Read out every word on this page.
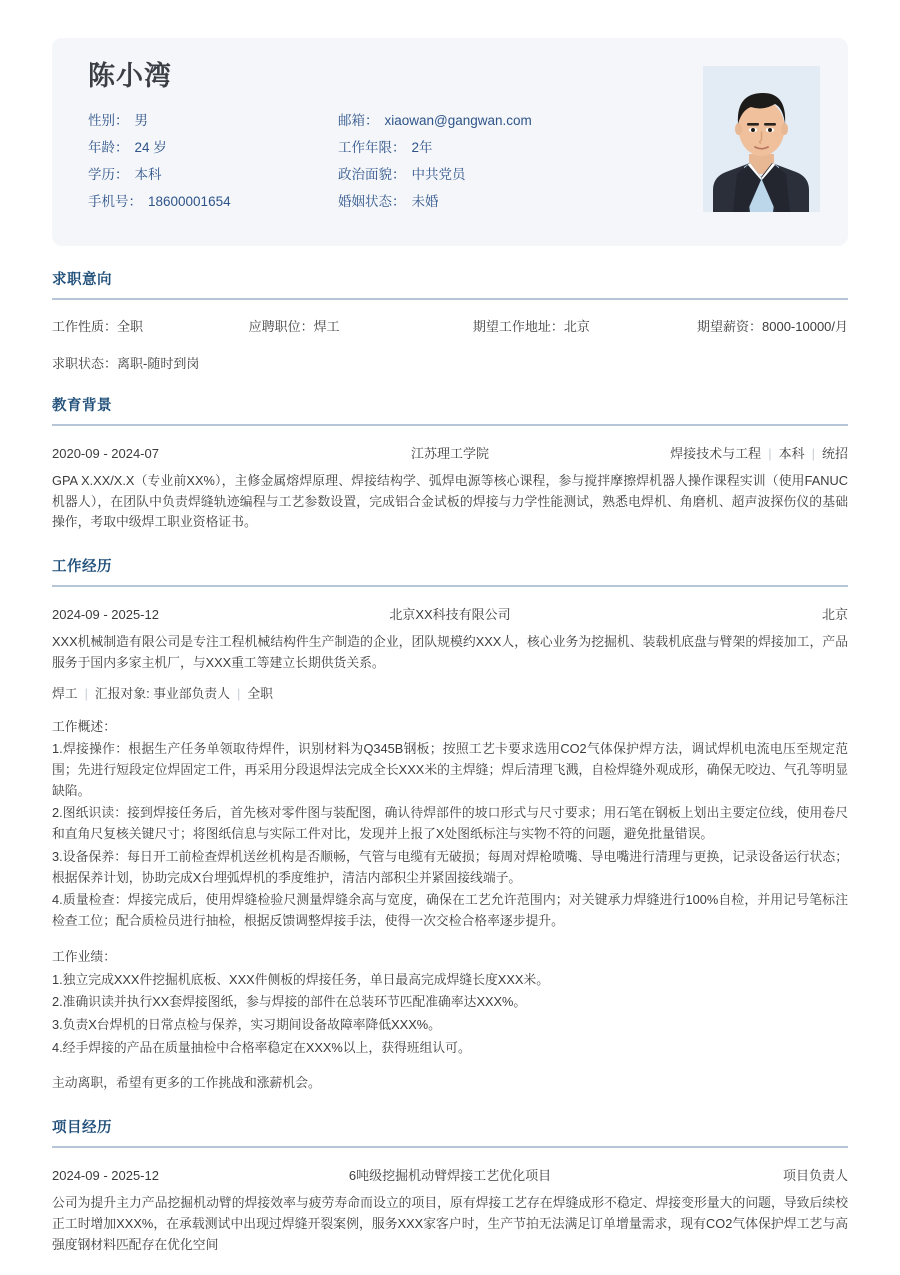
陈小湾
性别： 男	邮箱： xiaowan@gangwan.com
年龄： 24 岁	工作年限： 2年
学历： 本科	政治面貌： 中共党员
手机号： 18600001654	婚姻状态： 未婚
求职意向
工作性质：全职	应聘职位：焊工	期望工作地址：北京	期望薪资：8000-10000/月
求职状态：离职-随时到岗
教育背景
2020-09 - 2024-07	江苏理工学院	焊接技术与工程 | 本科 | 统招
GPA X.XX/X.X（专业前XX%），主修金属熔焊原理、焊接结构学、弧焊电源等核心课程，参与搅拌摩擦焊机器人操作课程实训（使用FANUC机器人），在团队中负责焊缝轨迹编程与工艺参数设置，完成铝合金试板的焊接与力学性能测试，熟悉电焊机、角磨机、超声波探伤仪的基础操作，考取中级焊工职业资格证书。
工作经历
2024-09 - 2025-12	北京XX科技有限公司	北京
XXX机械制造有限公司是专注工程机械结构件生产制造的企业，团队规模约XXX人，核心业务为挖掘机、装载机底盘与臂架的焊接加工，产品服务于国内多家主机厂，与XXX重工等建立长期供货关系。
焊工 | 汇报对象: 事业部负责人 | 全职
工作概述：
1.焊接操作：根据生产任务单领取待焊件，识别材料为Q345B钢板；按照工艺卡要求选用CO2气体保护焊方法，调试焊机电流电压至规定范围；先进行短段定位焊固定工件，再采用分段退焊法完成全长XXX米的主焊缝；焊后清理飞溅，自检焊缝外观成形，确保无咬边、气孔等明显缺陷。
2.图纸识读：接到焊接任务后，首先核对零件图与装配图，确认待焊部件的坡口形式与尺寸要求；用石笔在钢板上划出主要定位线，使用卷尺和直角尺复核关键尺寸；将图纸信息与实际工件对比，发现并上报了X处图纸标注与实物不符的问题，避免批量错误。
3.设备保养：每日开工前检查焊机送丝机构是否顺畅，气管与电缆有无破损；每周对焊枪喷嘴、导电嘴进行清理与更换，记录设备运行状态；根据保养计划，协助完成X台埋弧焊机的季度维护，清洁内部积尘并紧固接线端子。
4.质量检查：焊接完成后，使用焊缝检验尺测量焊缝余高与宽度，确保在工艺允许范围内；对关键承力焊缝进行100%自检，并用记号笔标注检查工位；配合质检员进行抽检，根据反馈调整焊接手法，使得一次交检合格率逐步提升。
工作业绩：
1.独立完成XXX件挖掘机底板、XXX件侧板的焊接任务，单日最高完成焊缝长度XXX米。
2.准确识读并执行XX套焊接图纸，参与焊接的部件在总装环节匹配准确率达XXX%。
3.负责X台焊机的日常点检与保养，实习期间设备故障率降低XXX%。
4.经手焊接的产品在质量抽检中合格率稳定在XXX%以上，获得班组认可。
主动离职，希望有更多的工作挑战和涨薪机会。
项目经历
2024-09 - 2025-12	6吨级挖掘机动臂焊接工艺优化项目	项目负责人
公司为提升主力产品挖掘机动臂的焊接效率与疲劳寿命而设立的项目，原有焊接工艺存在焊缝成形不稳定、焊接变形量大的问题，导致后续校正工时增加XXX%，在承载测试中出现过焊缝开裂案例，服务XXX家客户时，生产节拍无法满足订单增量需求，现有CO2气体保护焊工艺与高强度钢材料匹配存在优化空间
